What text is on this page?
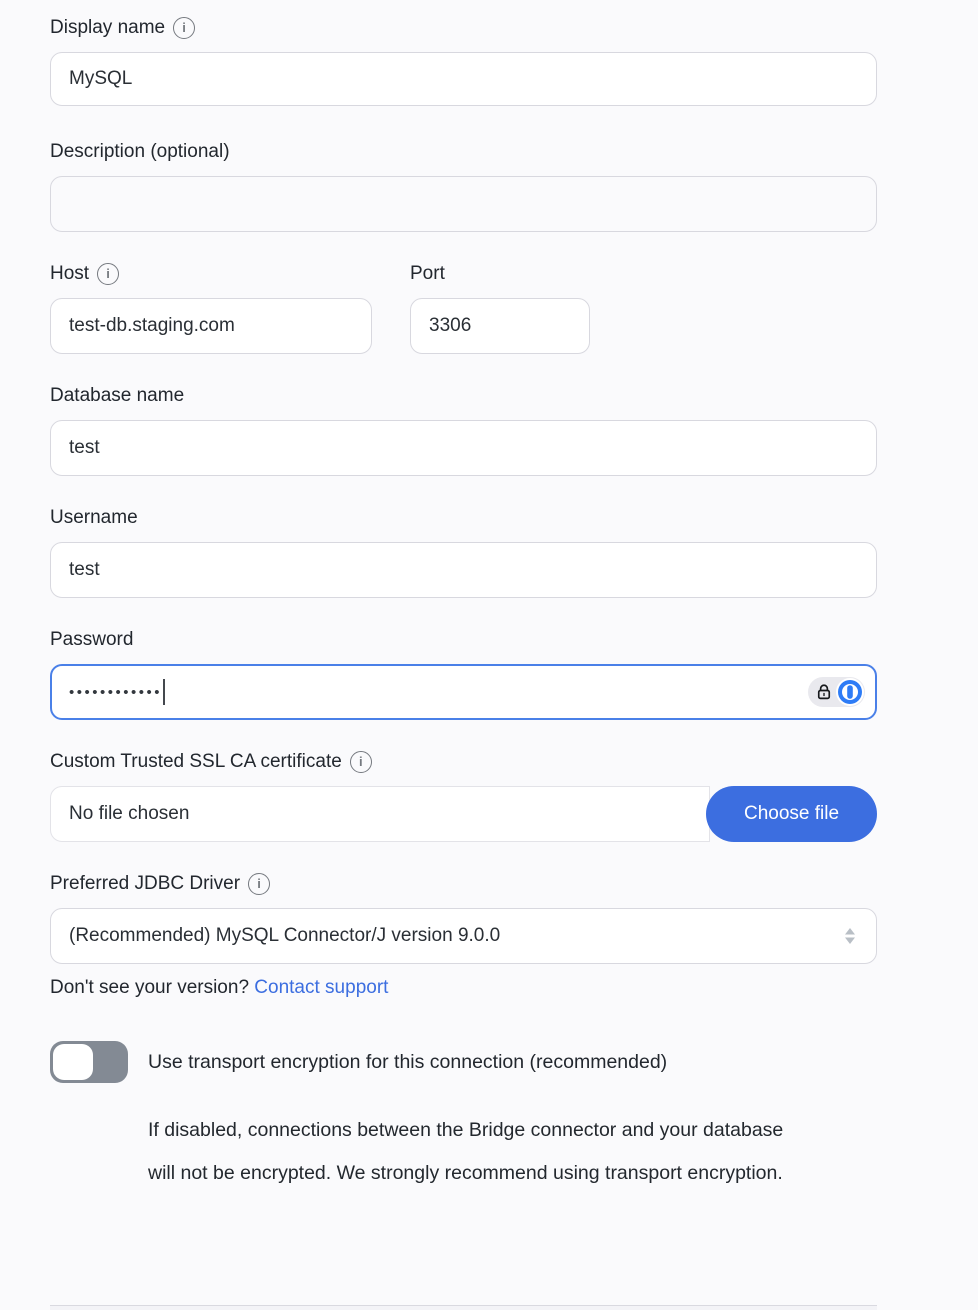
Display name	i
MySQL
Description (optional)
Host	i
test-db.staging.com	Port
3306
Database name
test
Username
test
Password
••••••••••••
Custom Trusted SSL CA certificate	i
No file chosen	Choose file
Preferred JDBC Driver	i
(Recommended) MySQL Connector/J version 9.0.0
Don't see your version? Contact support
Use transport encryption for this connection (recommended)
If disabled, connections between the Bridge connector and your database will not be encrypted. We strongly recommend using transport encryption.
